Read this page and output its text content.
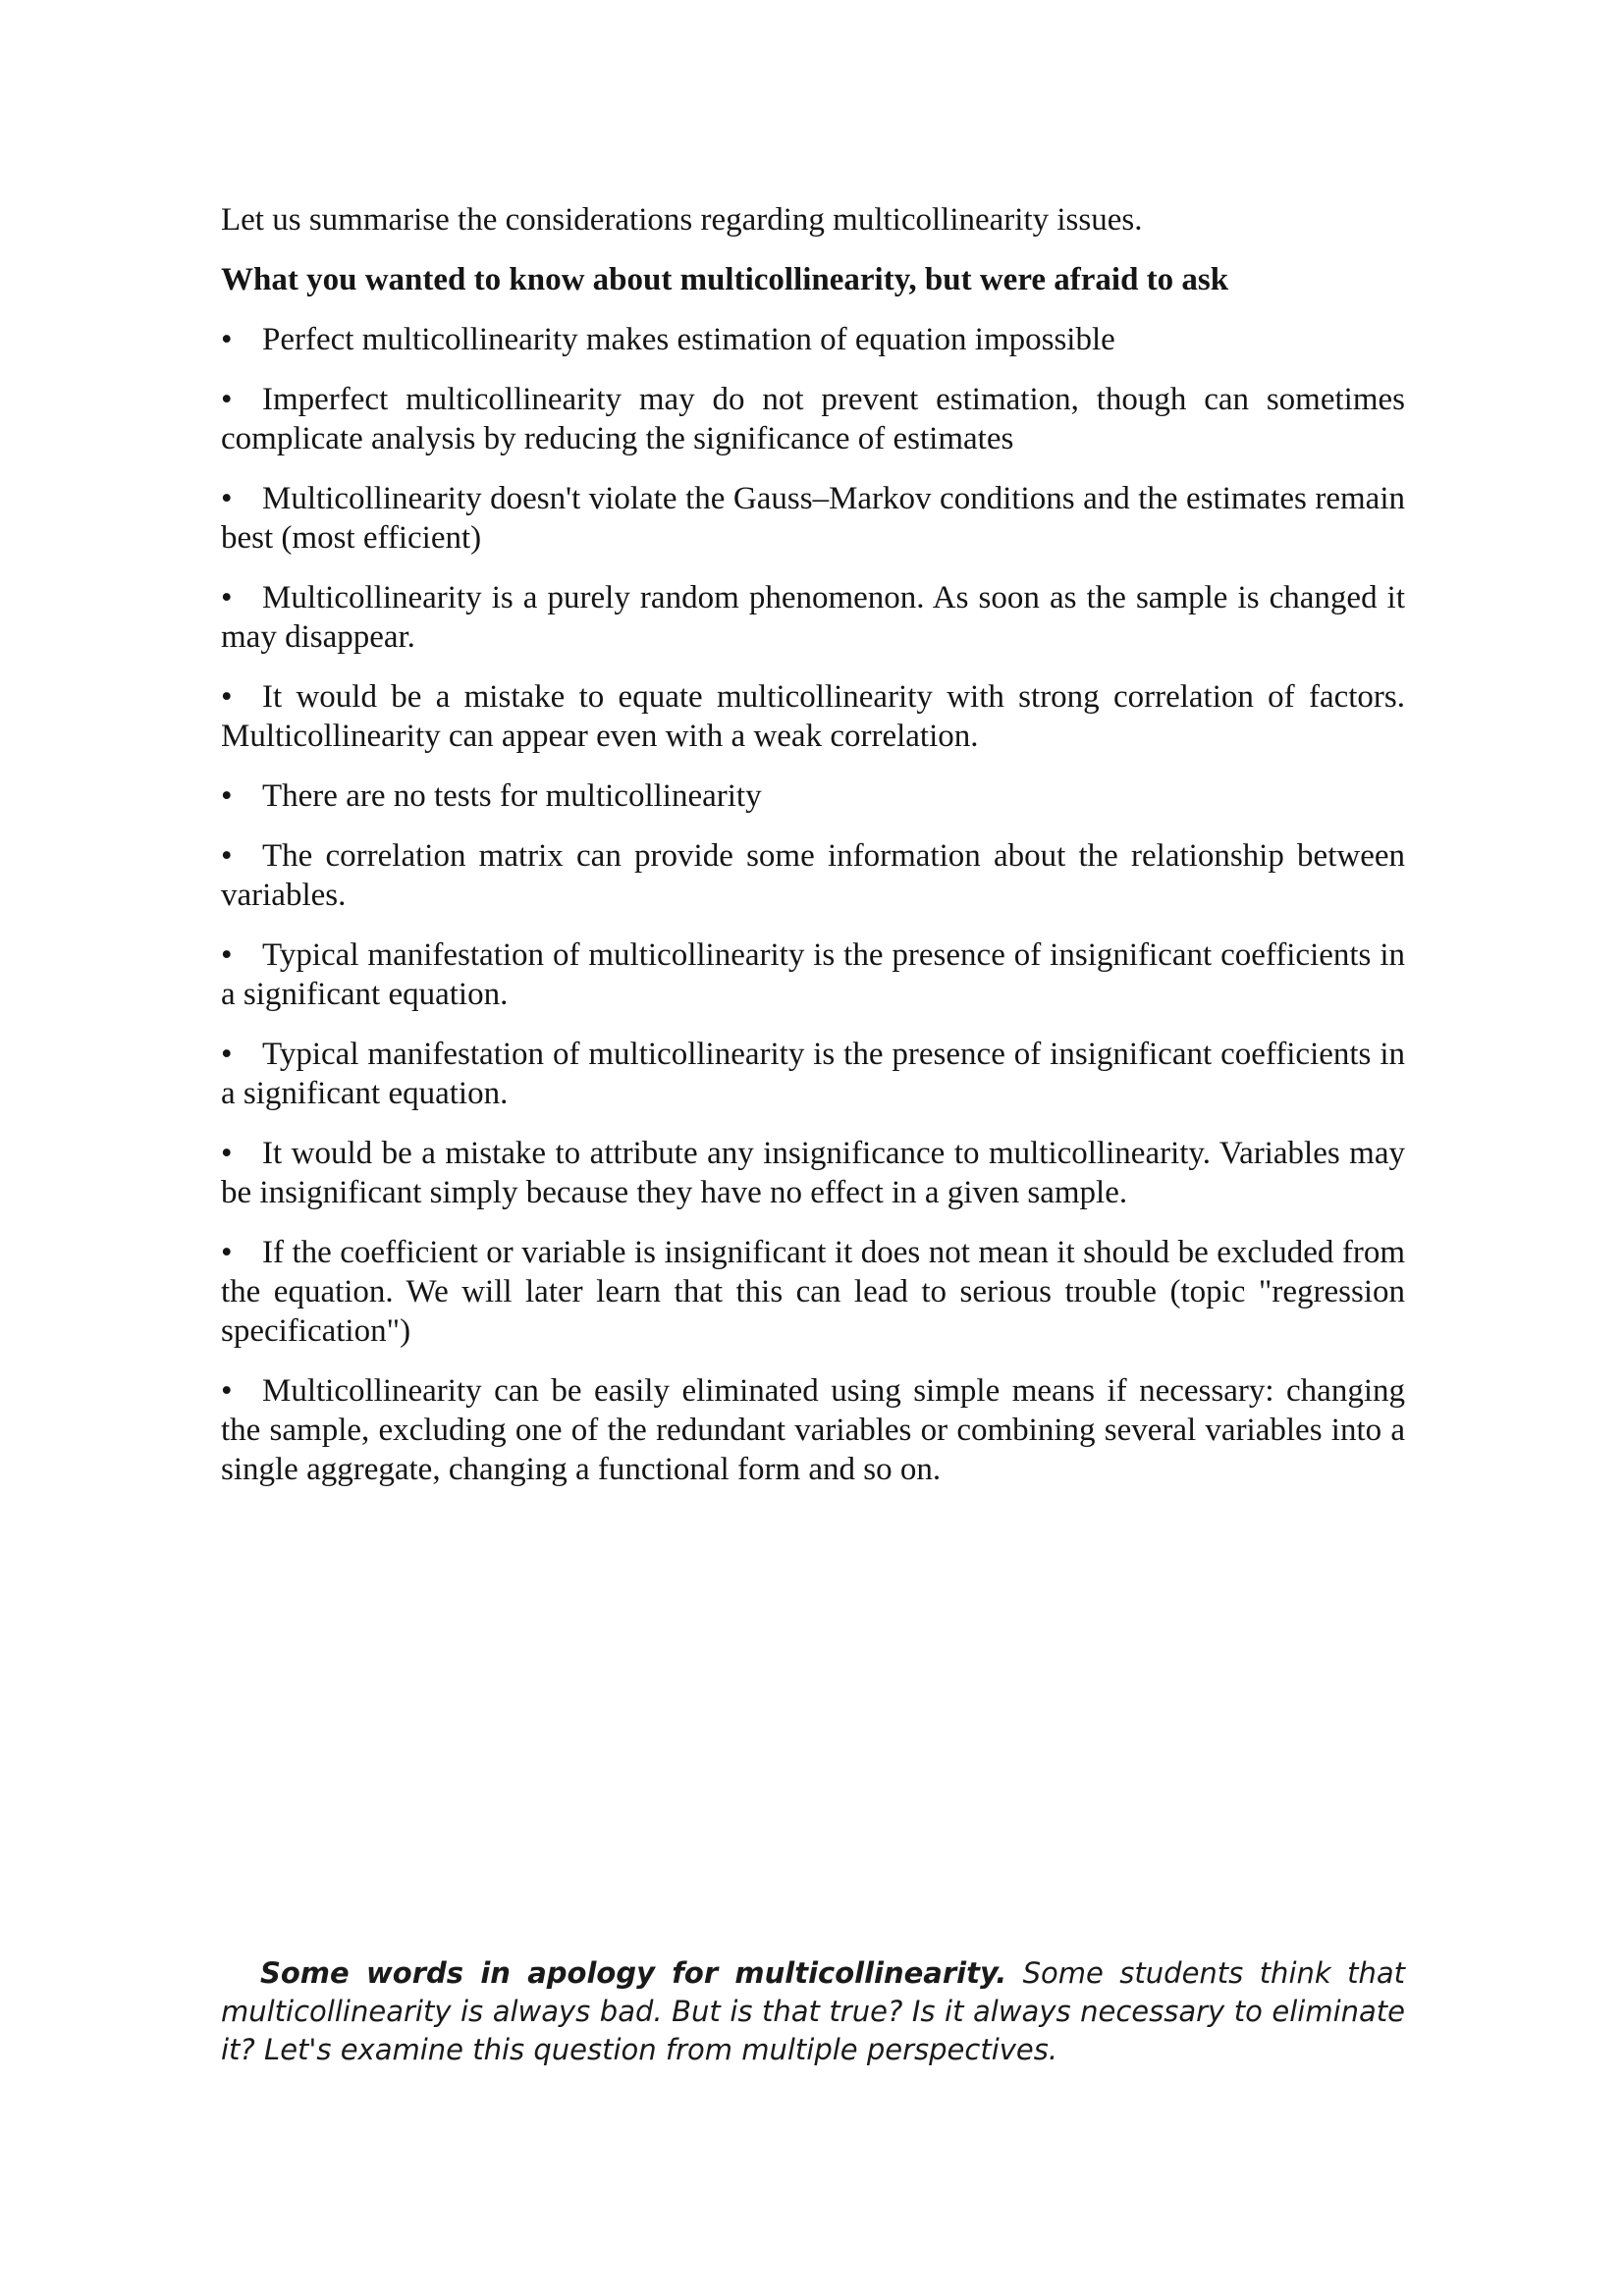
Let us summarise the considerations regarding multicollinearity issues.

What you wanted to know about multicollinearity, but were afraid to ask

• Perfect multicollinearity makes estimation of equation impossible

• Imperfect multicollinearity may do not prevent estimation, though can sometimes complicate analysis by reducing the significance of estimates

• Multicollinearity doesn't violate the Gauss–Markov conditions and the estimates remain best (most efficient)

• Multicollinearity is a purely random phenomenon. As soon as the sample is changed it may disappear.

• It would be a mistake to equate multicollinearity with strong correlation of factors. Multicollinearity can appear even with a weak correlation.

• There are no tests for multicollinearity

• The correlation matrix can provide some information about the relationship between variables.

• Typical manifestation of multicollinearity is the presence of insignificant coefficients in a significant equation.

• Typical manifestation of multicollinearity is the presence of insignificant coefficients in a significant equation.

• It would be a mistake to attribute any insignificance to multicollinearity. Variables may be insignificant simply because they have no effect in a given sample.

• If the coefficient or variable is insignificant it does not mean it should be excluded from the equation. We will later learn that this can lead to serious trouble (topic "regression specification")

• Multicollinearity can be easily eliminated using simple means if necessary: changing the sample, excluding one of the redundant variables or combining several variables into a single aggregate, changing a functional form and so on.

Some words in apology for multicollinearity. Some students think that multicollinearity is always bad. But is that true? Is it always necessary to eliminate it? Let's examine this question from multiple perspectives.
